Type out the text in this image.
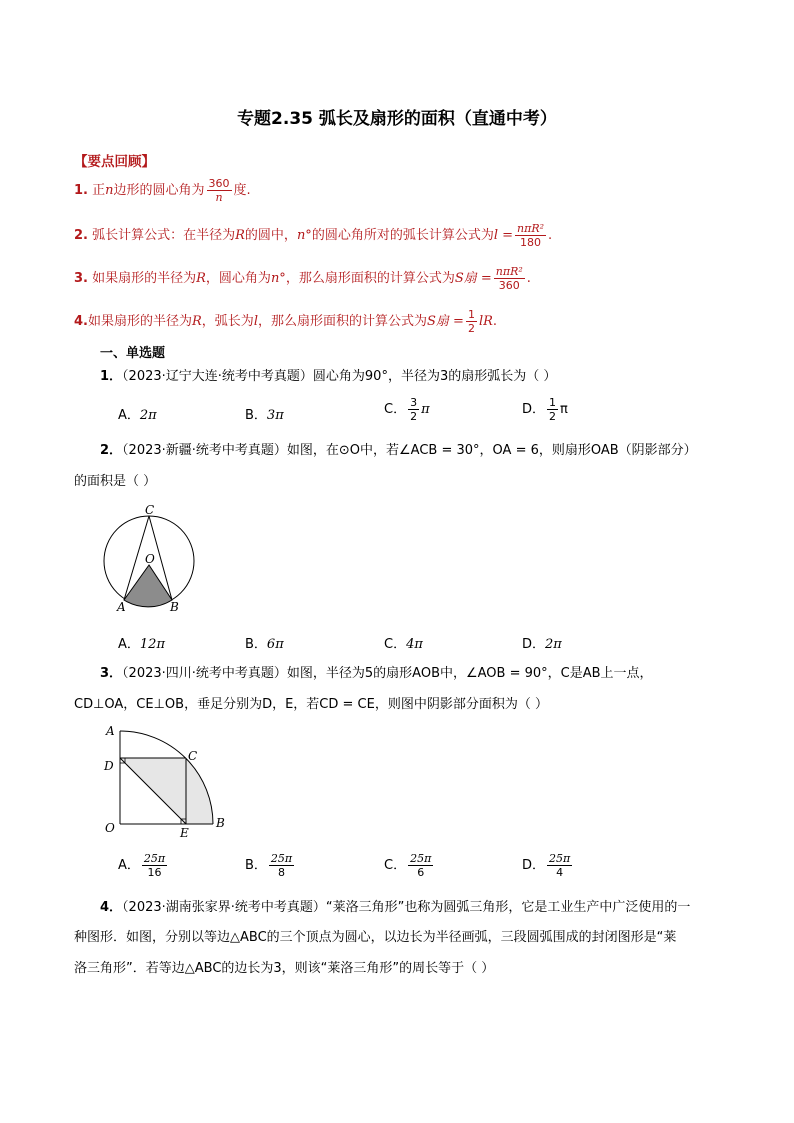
专题2.35 弧长及扇形的面积（直通中考）
【要点回顾】
1. 正n边形的圆心角为 $\frac{360}{n}$ 度.
2. 弧长计算公式：在半径为R的圆中，n°的圆心角所对的弧长计算公式为$l = \frac{\text{nπR²}}{180}$ .
3. 如果扇形的半径为R，圆心角为n°，那么扇形面积的计算公式为S扇 = $\frac{\text{nπR²}}{360}$ .
4.如果扇形的半径为R，弧长为l，那么扇形面积的计算公式为S扇 = $\frac{1}{2}$ lR.
一、单选题
1．（2023·辽宁大连·统考中考真题）圆心角为90°，半径为3的扇形弧长为（ ）
A．2π	B．3π	C． $\frac{3}{2}$ π	D． $\frac{1}{2}$ π
2．（2023·新疆·统考中考真题）如图，在⊙O中，若∠ACB = 30°，OA = 6，则扇形OAB（阴影部分）
的面积是（ ）
C
O
A	B
A．12π	B．6π	C．4π	D．2π
3．（2023·四川·统考中考真题）如图，半径为5的扇形AOB中，∠AOB = 90°，C是AB上一点，
CD⊥OA，CE⊥OB，垂足分别为D，E，若CD = CE，则图中阴影部分面积为（ ）
A
D
C
O	E
B
A． $\frac{25\pi}{16}$	B． $\frac{25\pi}{8}$	C． $\frac{25\pi}{6}$	D． $\frac{25\pi}{4}$
4．（2023·湖南张家界·统考中考真题）“莱洛三角形”也称为圆弧三角形，它是工业生产中广泛使用的一
种图形．如图，分别以等边△ABC的三个顶点为圆心，以边长为半径画弧，三段圆弧围成的封闭图形是“莱
洛三角形”．若等边△ABC的边长为3，则该“莱洛三角形”的周长等于（ ）
